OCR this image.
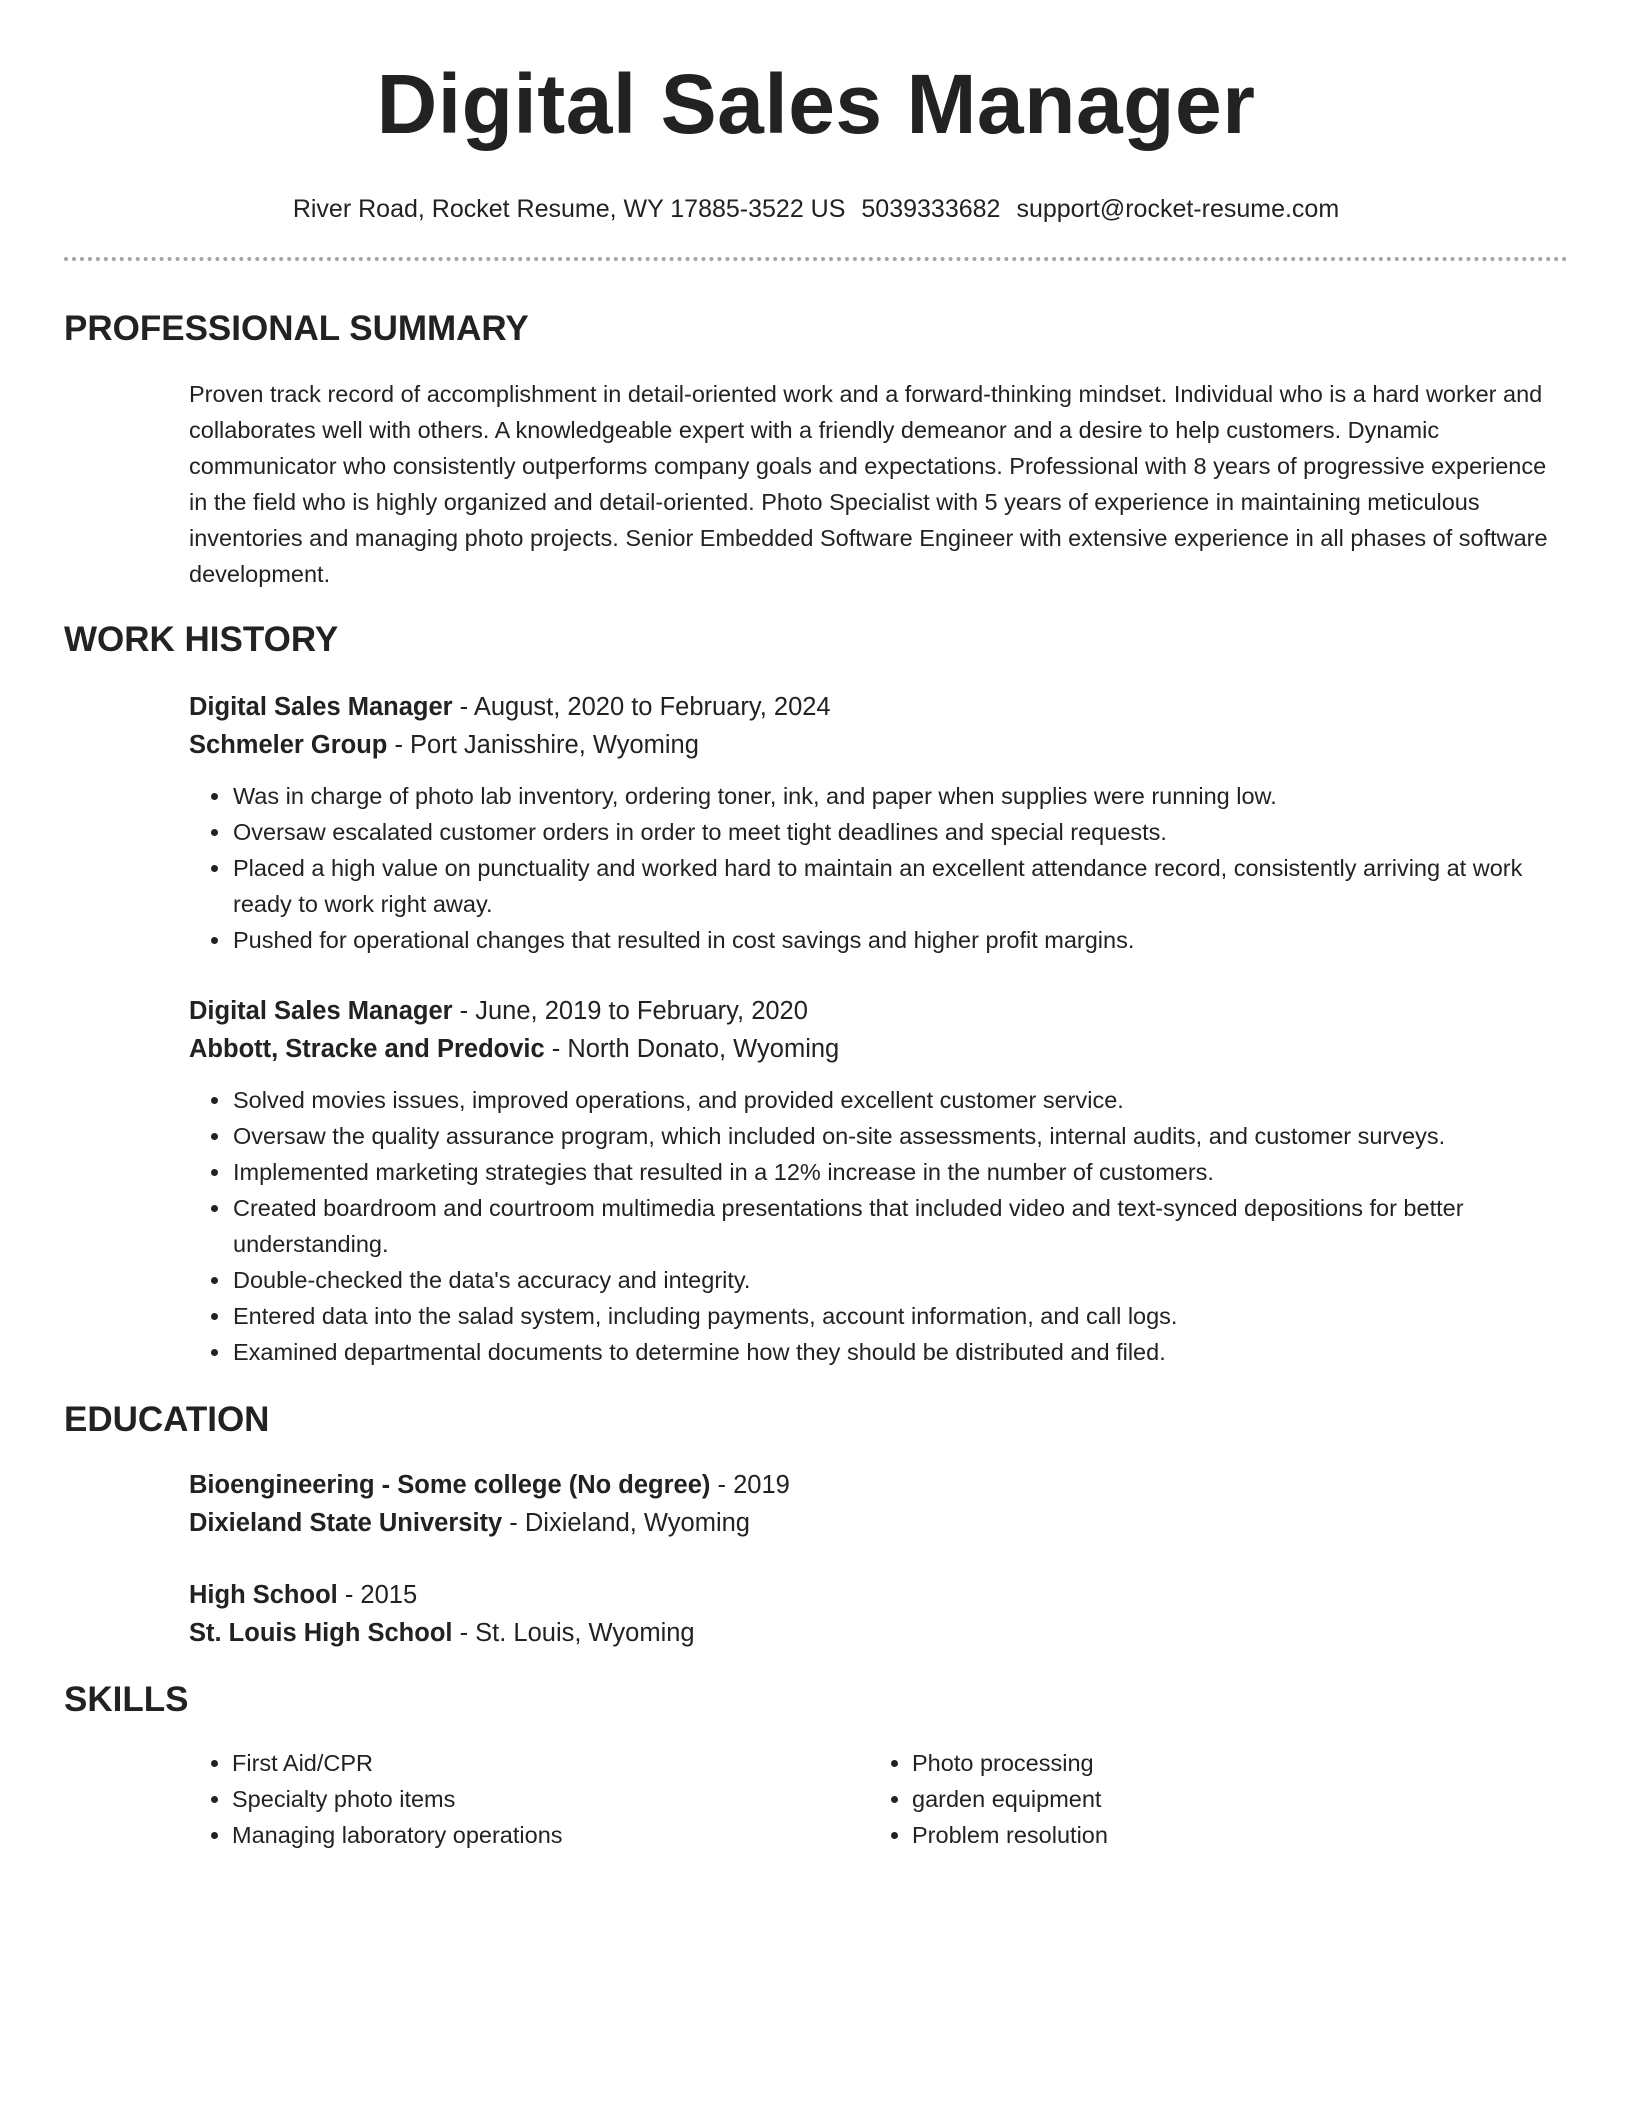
Digital Sales Manager
River Road, Rocket Resume, WY 17885-3522 US 5039333682 support@rocket-resume.com
PROFESSIONAL SUMMARY
Proven track record of accomplishment in detail-oriented work and a forward-thinking mindset. Individual who is a hard worker and collaborates well with others. A knowledgeable expert with a friendly demeanor and a desire to help customers. Dynamic communicator who consistently outperforms company goals and expectations. Professional with 8 years of progressive experience in the field who is highly organized and detail-oriented. Photo Specialist with 5 years of experience in maintaining meticulous inventories and managing photo projects. Senior Embedded Software Engineer with extensive experience in all phases of software development.
WORK HISTORY
Digital Sales Manager - August, 2020 to February, 2024
Schmeler Group - Port Janisshire, Wyoming
• Was in charge of photo lab inventory, ordering toner, ink, and paper when supplies were running low.
• Oversaw escalated customer orders in order to meet tight deadlines and special requests.
• Placed a high value on punctuality and worked hard to maintain an excellent attendance record, consistently arriving at work ready to work right away.
• Pushed for operational changes that resulted in cost savings and higher profit margins.
Digital Sales Manager - June, 2019 to February, 2020
Abbott, Stracke and Predovic - North Donato, Wyoming
• Solved movies issues, improved operations, and provided excellent customer service.
• Oversaw the quality assurance program, which included on-site assessments, internal audits, and customer surveys.
• Implemented marketing strategies that resulted in a 12% increase in the number of customers.
• Created boardroom and courtroom multimedia presentations that included video and text-synced depositions for better understanding.
• Double-checked the data's accuracy and integrity.
• Entered data into the salad system, including payments, account information, and call logs.
• Examined departmental documents to determine how they should be distributed and filed.
EDUCATION
Bioengineering - Some college (No degree) - 2019
Dixieland State University - Dixieland, Wyoming
High School - 2015
St. Louis High School - St. Louis, Wyoming
SKILLS
• First Aid/CPR
• Specialty photo items
• Managing laboratory operations
• Photo processing
• garden equipment
• Problem resolution
